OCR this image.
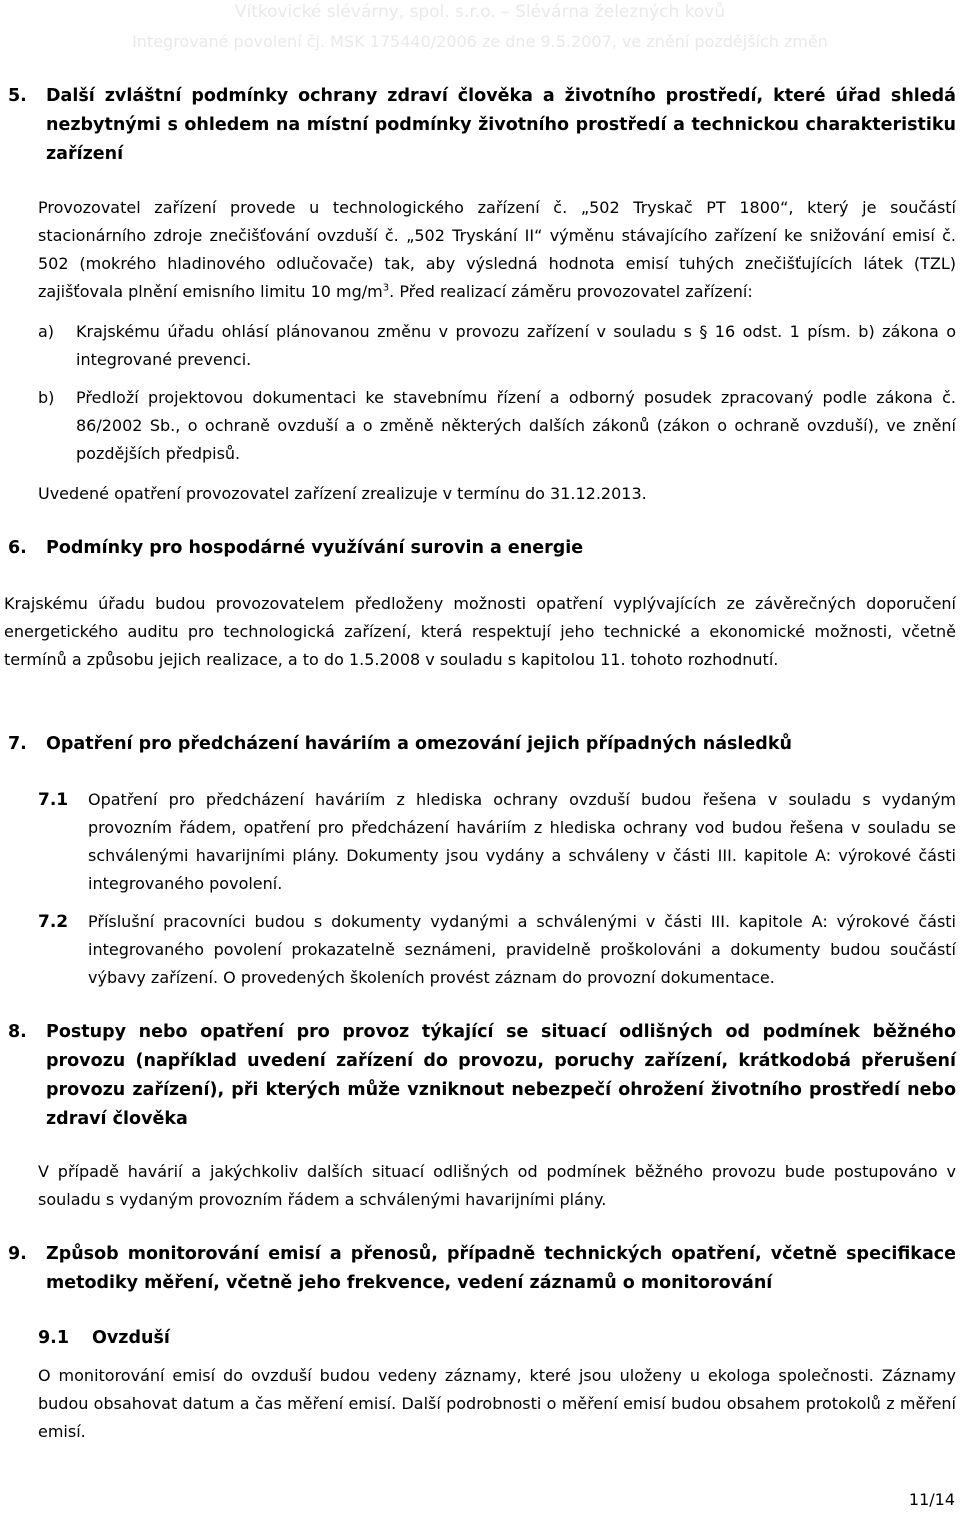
Vítkovické slévárny, spol. s.r.o. – Slévárna železných kovů
Integrované povolení čj. MSK 175440/2006 ze dne 9.5.2007, ve znění pozdějších změn
5. Další zvláštní podmínky ochrany zdraví člověka a životního prostředí, které úřad shledá nezbytnými s ohledem na místní podmínky životního prostředí a technickou charakteristiku zařízení
Provozovatel zařízení provede u technologického zařízení č. „502 Tryskač PT 1800“, který je součástí stacionárního zdroje znečišťování ovzduší č. „502 Tryskání II“ výměnu stávajícího zařízení ke snižování emisí č. 502 (mokrého hladinového odlučovače) tak, aby výsledná hodnota emisí tuhých znečišťujících látek (TZL) zajišťovala plnění emisního limitu 10 $mg/m^3$. Před realizací záměru provozovatel zařízení:
a) Krajskému úřadu ohlásí plánovanou změnu v provozu zařízení v souladu s § 16 odst. 1 písm. b) zákona o integrované prevenci.
b) Předloží projektovou dokumentaci ke stavebnímu řízení a odborný posudek zpracovaný podle zákona č. 86/2002 Sb., o ochraně ovzduší a o změně některých dalších zákonů (zákon o ochraně ovzduší), ve znění pozdějších předpisů.
Uvedené opatření provozovatel zařízení zrealizuje v termínu do 31.12.2013.
6. Podmínky pro hospodárné využívání surovin a energie
Krajskému úřadu budou provozovatelem předloženy možnosti opatření vyplývajících ze závěrečných doporučení energetického auditu pro technologická zařízení, která respektují jeho technické a ekonomické možnosti, včetně termínů a způsobu jejich realizace, a to do 1.5.2008 v souladu s kapitolou 11. tohoto rozhodnutí.
7. Opatření pro předcházení haváriím a omezování jejich případných následků
7.1 Opatření pro předcházení haváriím z hlediska ochrany ovzduší budou řešena v souladu s vydaným provozním řádem, opatření pro předcházení haváriím z hlediska ochrany vod budou řešena v souladu se schválenými havarijními plány. Dokumenty jsou vydány a schváleny v části III. kapitole A: výrokové části integrovaného povolení.
7.2 Příslušní pracovníci budou s dokumenty vydanými a schválenými v části III. kapitole A: výrokové části integrovaného povolení prokazatelně seznámeni, pravidelně proškolováni a dokumenty budou součástí výbavy zařízení. O provedených školeních provést záznam do provozní dokumentace.
8. Postupy nebo opatření pro provoz týkající se situací odlišných od podmínek běžného provozu (například uvedení zařízení do provozu, poruchy zařízení, krátkodobá přerušení provozu zařízení), při kterých může vzniknout nebezpečí ohrožení životního prostředí nebo zdraví člověka
V případě havárií a jakýchkoliv dalších situací odlišných od podmínek běžného provozu bude postupováno v souladu s vydaným provozním řádem a schválenými havarijními plány.
9. Způsob monitorování emisí a přenosů, případně technických opatření, včetně specifikace metodiky měření, včetně jeho frekvence, vedení záznamů o monitorování
9.1 Ovzduší
O monitorování emisí do ovzduší budou vedeny záznamy, které jsou uloženy u ekologa společnosti. Záznamy budou obsahovat datum a čas měření emisí. Další podrobnosti o měření emisí budou obsahem protokolů z měření emisí.
11/14
